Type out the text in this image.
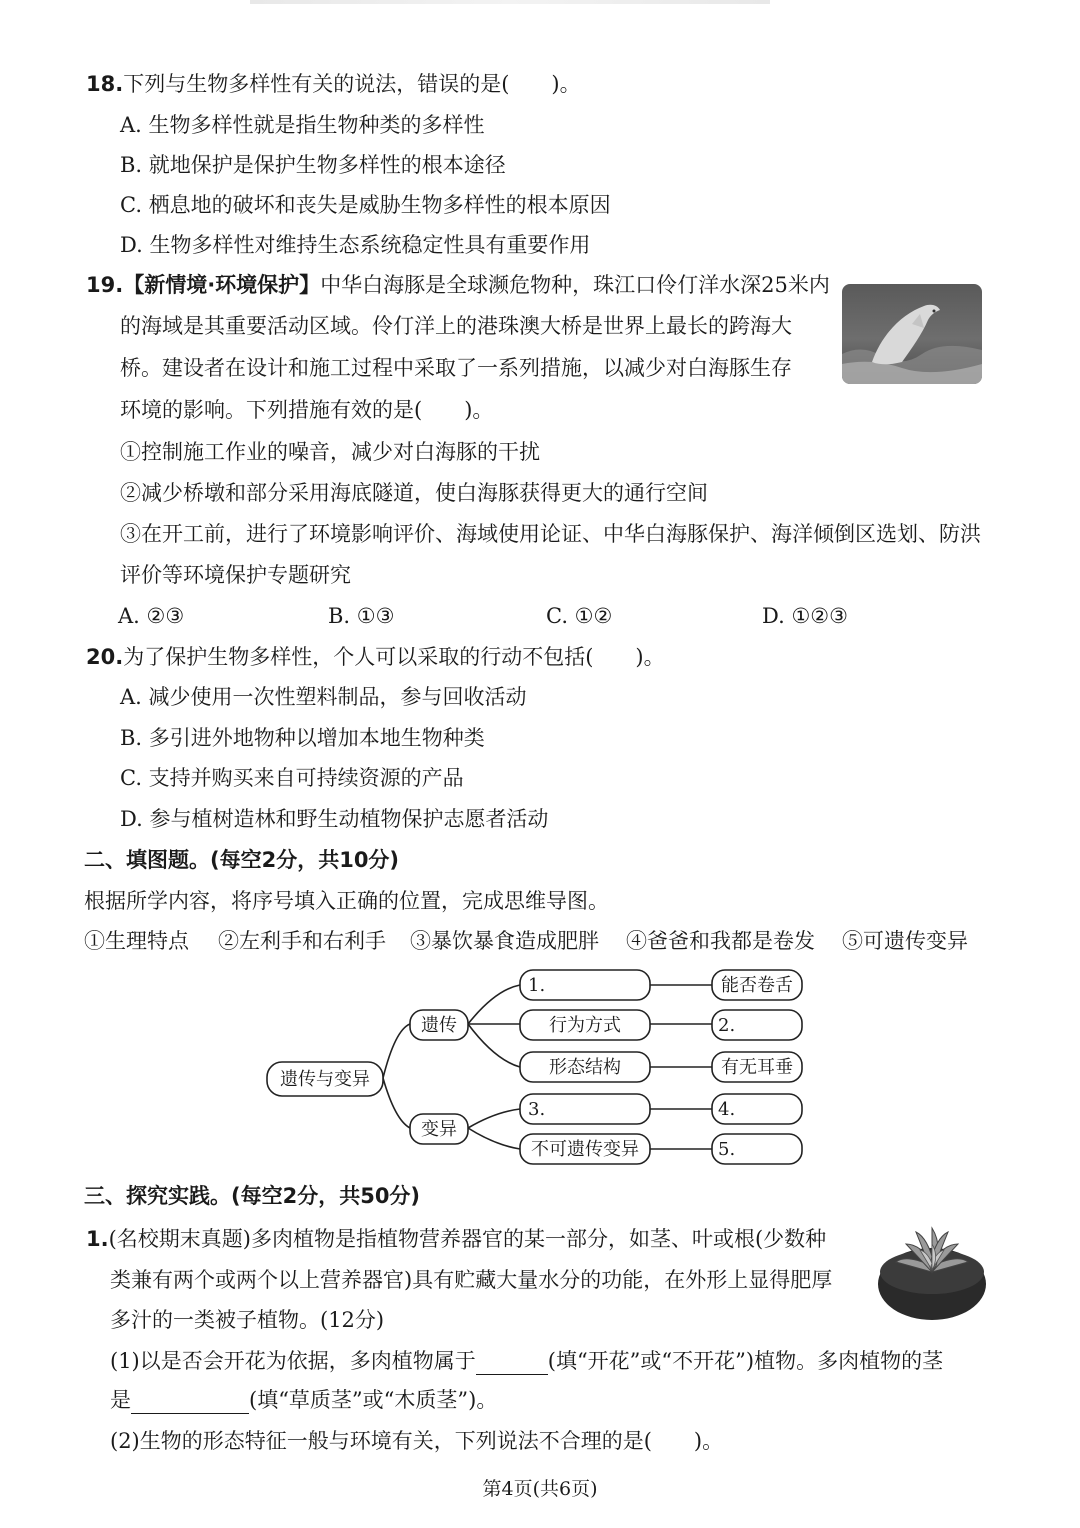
18.下列与生物多样性有关的说法，错误的是(　　)。
A. 生物多样性就是指生物种类的多样性
B. 就地保护是保护生物多样性的根本途径
C. 栖息地的破坏和丧失是威胁生物多样性的根本原因
D. 生物多样性对维持生态系统稳定性具有重要作用
19.【新情境·环境保护】中华白海豚是全球濒危物种，珠江口伶仃洋水深25米内
的海域是其重要活动区域。伶仃洋上的港珠澳大桥是世界上最长的跨海大
桥。建设者在设计和施工过程中采取了一系列措施，以减少对白海豚生存
环境的影响。下列措施有效的是(　　)。
①控制施工作业的噪音，减少对白海豚的干扰
②减少桥墩和部分采用海底隧道，使白海豚获得更大的通行空间
③在开工前，进行了环境影响评价、海域使用论证、中华白海豚保护、海洋倾倒区选划、防洪
评价等环境保护专题研究
A. ②③	B. ①③	C. ①②	D. ①②③
20.为了保护生物多样性，个人可以采取的行动不包括(　　)。
A. 减少使用一次性塑料制品，参与回收活动
B. 多引进外地物种以增加本地生物种类
C. 支持并购买来自可持续资源的产品
D. 参与植树造林和野生动植物保护志愿者活动
二、填图题。(每空2分，共10分)
根据所学内容，将序号填入正确的位置，完成思维导图。
①生理特点 ②左利手和右利手 ③暴饮暴食造成肥胖 ④爸爸和我都是卷发 ⑤可遗传变异
遗传与变异
遗传
变异
1.
行为方式
形态结构
3.
不可遗传变异
能否卷舌
2.
有无耳垂
4.
5.
三、探究实践。(每空2分，共50分)
1.(名校期末真题)多肉植物是指植物营养器官的某一部分，如茎、叶或根(少数种
类兼有两个或两个以上营养器官)具有贮藏大量水分的功能，在外形上显得肥厚
多汁的一类被子植物。(12分)
(1)以是否会开花为依据，多肉植物属于	(填“开花”或“不开花”)植物。多肉植物的茎
是	(填“草质茎”或“木质茎”)。
(2)生物的形态特征一般与环境有关，下列说法不合理的是(　　)。
第4页(共6页)
